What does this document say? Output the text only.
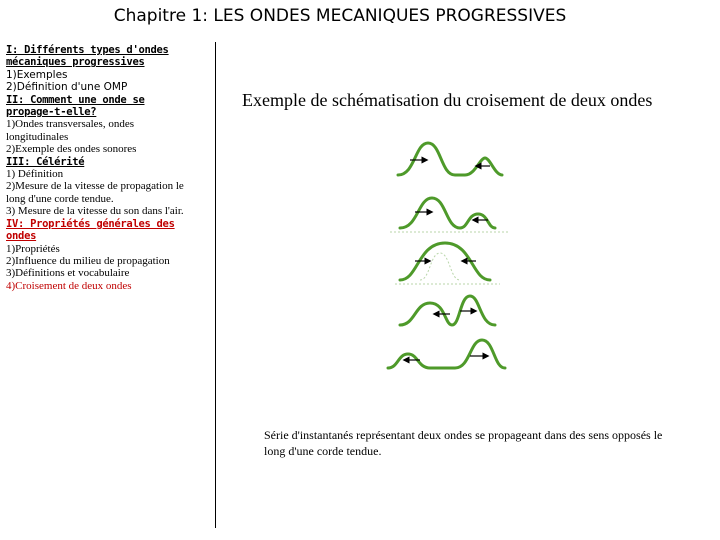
Chapitre 1: LES ONDES MECANIQUES PROGRESSIVES
I: Différents types d'ondes
mécaniques progressives
1)Exemples
2)Définition d'une OMP
II: Comment une onde se
propage-t-elle?
1)Ondes transversales, ondes
longitudinales
2)Exemple des ondes sonores
III: Célérité
1) Définition
2)Mesure de la vitesse de propagation le
long d'une corde tendue.
3) Mesure de la vitesse du son dans l'air.
IV: Propriétés générales des
ondes
1)Propriétés
2)Influence du milieu de propagation
3)Définitions et vocabulaire
4)Croisement de deux ondes
Exemple de schématisation du croisement de deux ondes
Série d'instantanés représentant deux ondes se propageant dans des sens opposés le long d'une corde tendue.
